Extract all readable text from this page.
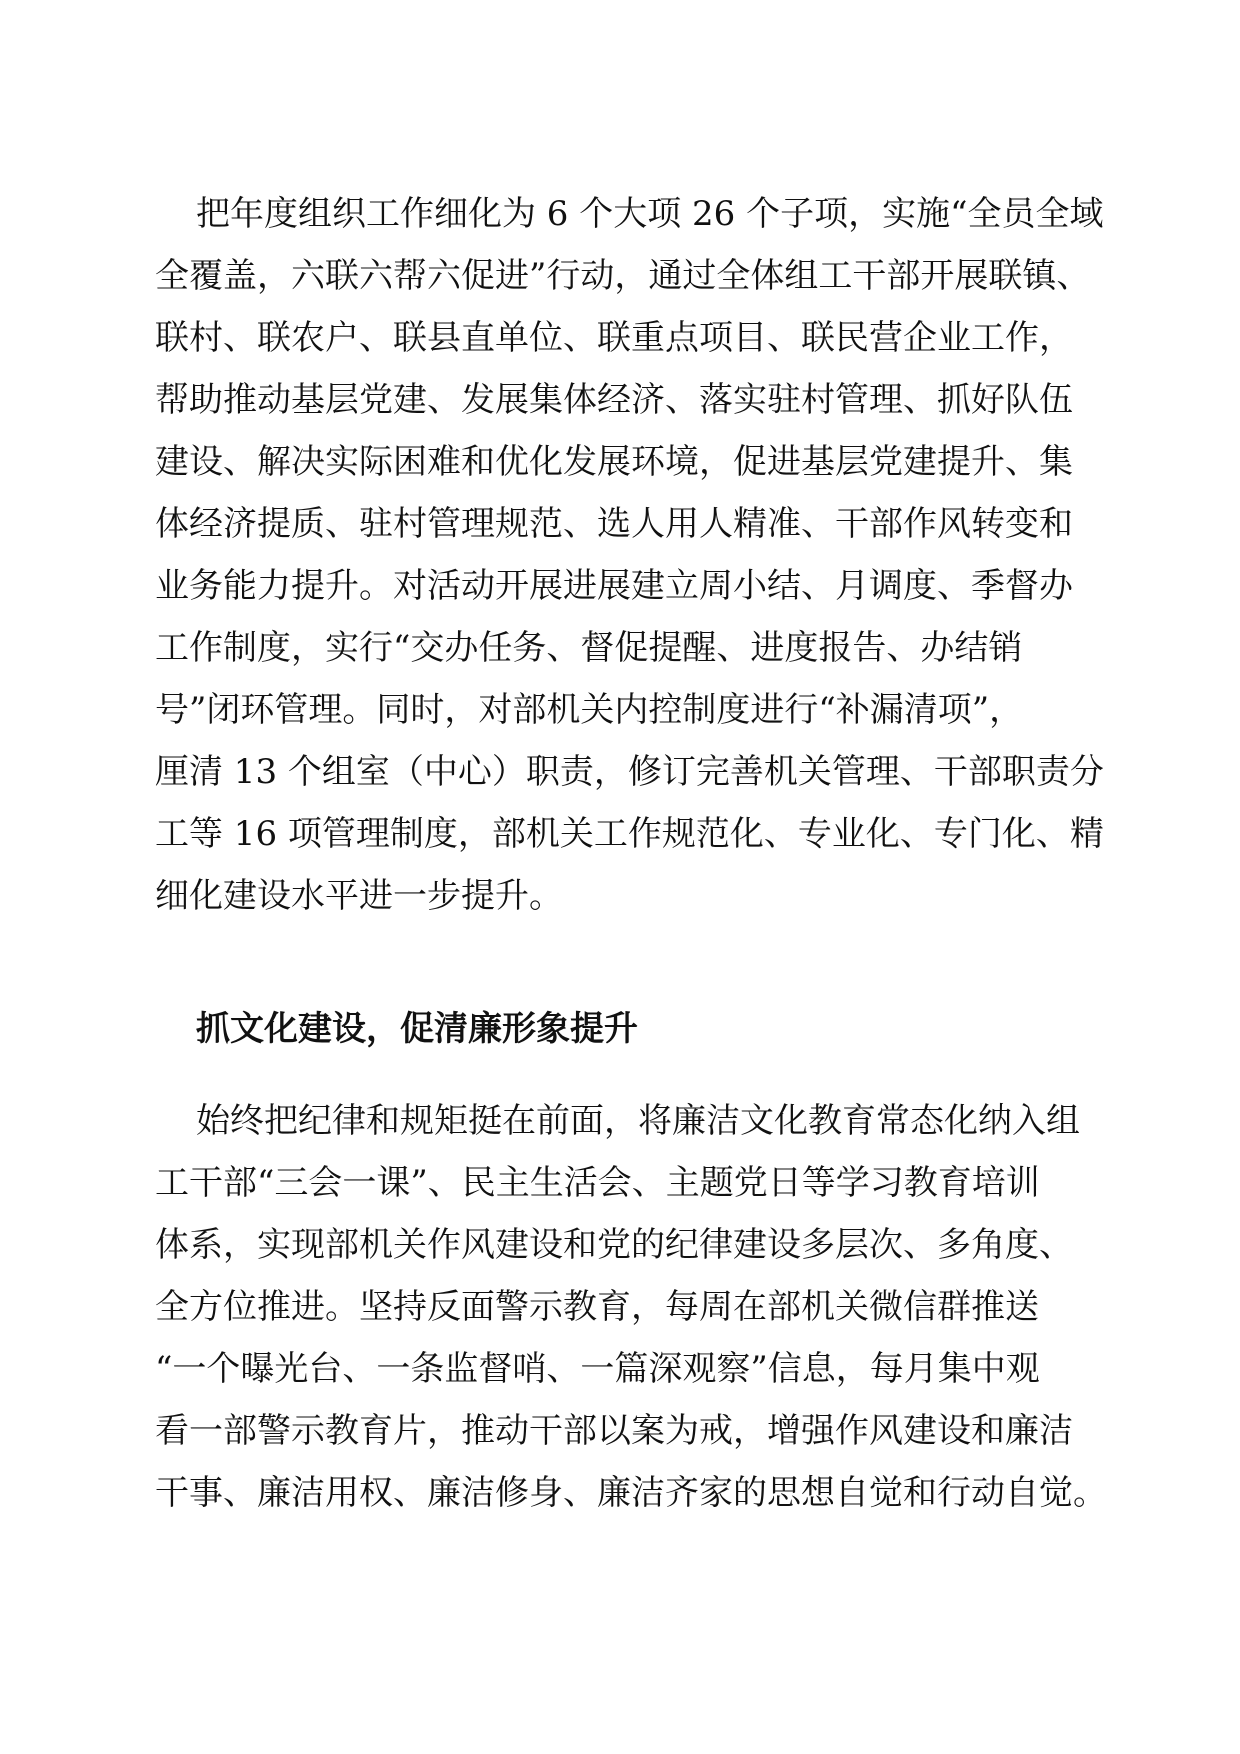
把年度组织工作细化为 6 个大项 26 个子项，实施“全员全域
全覆盖，六联六帮六促进”行动，通过全体组工干部开展联镇、
联村、联农户、联县直单位、联重点项目、联民营企业工作，
帮助推动基层党建、发展集体经济、落实驻村管理、抓好队伍
建设、解决实际困难和优化发展环境，促进基层党建提升、集
体经济提质、驻村管理规范、选人用人精准、干部作风转变和
业务能力提升。对活动开展进展建立周小结、月调度、季督办
工作制度，实行“交办任务、督促提醒、进度报告、办结销
号”闭环管理。同时，对部机关内控制度进行“补漏清项”，
厘清 13 个组室（中心）职责，修订完善机关管理、干部职责分
工等 16 项管理制度，部机关工作规范化、专业化、专门化、精
细化建设水平进一步提升。
抓文化建设，促清廉形象提升
始终把纪律和规矩挺在前面，将廉洁文化教育常态化纳入组
工干部“三会一课”、民主生活会、主题党日等学习教育培训
体系，实现部机关作风建设和党的纪律建设多层次、多角度、
全方位推进。坚持反面警示教育，每周在部机关微信群推送
“一个曝光台、一条监督哨、一篇深观察”信息，每月集中观
看一部警示教育片，推动干部以案为戒，增强作风建设和廉洁
干事、廉洁用权、廉洁修身、廉洁齐家的思想自觉和行动自觉。
